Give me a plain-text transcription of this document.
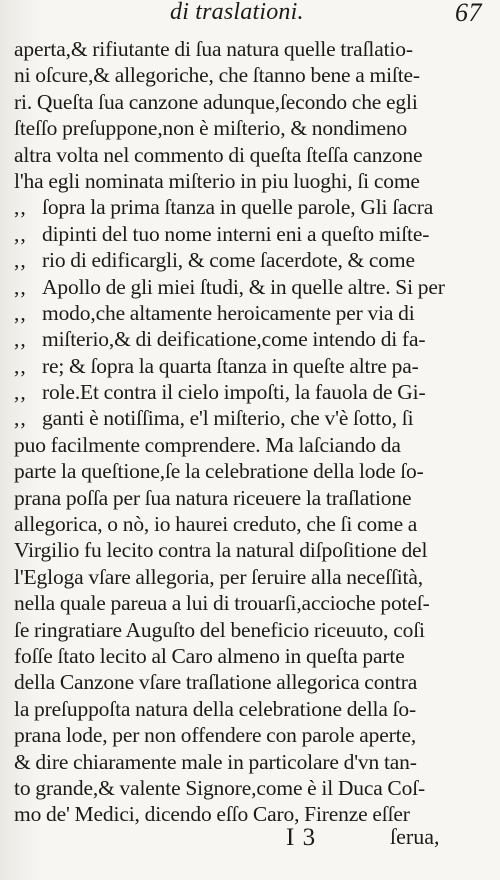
di traslationi.	67
aperta,& rifiutante di ſua natura quelle traſlatio-
ni oſcure,& allegoriche, che ſtanno bene a miſte-
ri. Queſta ſua canzone adunque,ſecondo che egli
ſteſſo preſuppone,non è miſterio, & nondimeno
altra volta nel commento di queſta ſteſſa canzone
l'ha egli nominata miſterio in piu luoghi, ſi come
,, ſopra la prima ſtanza in quelle parole, Gli ſacra
,, dipinti del tuo nome interni eni a queſto miſte-
,, rio di edificargli, & come ſacerdote, & come
,, Apollo de gli miei ſtudi, & in quelle altre. Si per
,, modo,che altamente heroicamente per via di
,, miſterio,& di deificatione,come intendo di fa-
,, re; & ſopra la quarta ſtanza in queſte altre pa-
,, role.Et contra il cielo impoſti, la fauola de Gi-
,, ganti è notiſſima, e'l miſterio, che v'è ſotto, ſi
puo facilmente comprendere. Ma laſciando da
parte la queſtione,ſe la celebratione della lode ſo-
prana poſſa per ſua natura riceuere la traſlatione
allegorica, o nò, io haurei creduto, che ſi come a
Virgilio fu lecito contra la natural diſpoſitione del
l'Egloga vſare allegoria, per ſeruire alla neceſſità,
nella quale pareua a lui di trouarſi,accioche poteſ-
ſe ringratiare Auguſto del beneficio riceuuto, coſi
foſſe ſtato lecito al Caro almeno in queſta parte
della Canzone vſare traſlatione allegorica contra
la preſuppoſta natura della celebratione della ſo-
prana lode, per non offendere con parole aperte,
& dire chiaramente male in particolare d'vn tan-
to grande,& valente Signore,come è il Duca Coſ-
mo de' Medici, dicendo eſſo Caro, Firenze eſſer
I 3	ſerua,
